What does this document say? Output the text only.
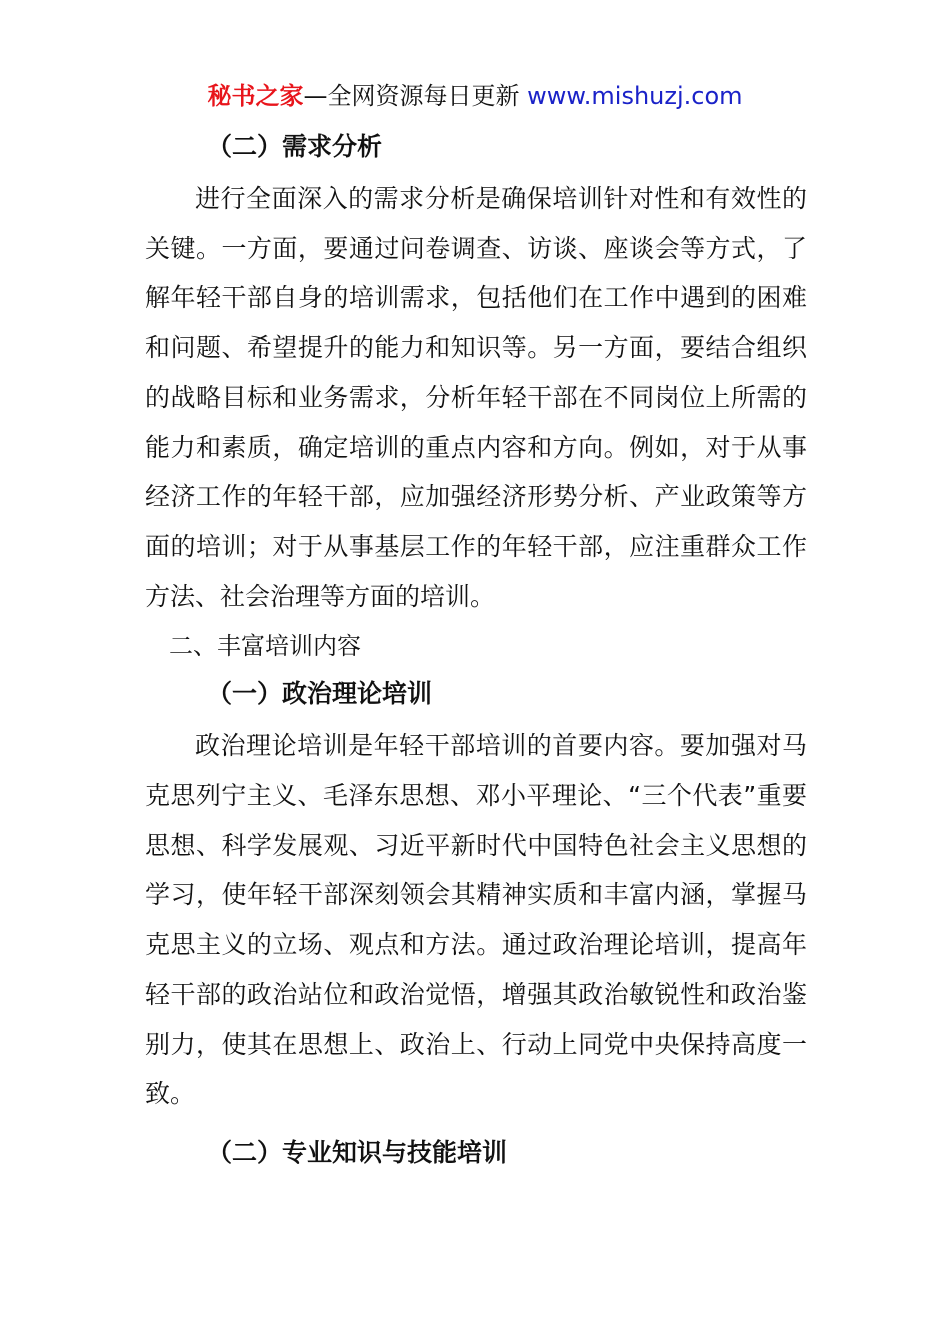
秘书之家—全网资源每日更新 www.mishuzj.com
（二）需求分析

进行全面深入的需求分析是确保培训针对性和有效性的关键。一方面，要通过问卷调查、访谈、座谈会等方式，了解年轻干部自身的培训需求，包括他们在工作中遇到的困难和问题、希望提升的能力和知识等。另一方面，要结合组织的战略目标和业务需求，分析年轻干部在不同岗位上所需的能力和素质，确定培训的重点内容和方向。例如，对于从事经济工作的年轻干部，应加强经济形势分析、产业政策等方面的培训；对于从事基层工作的年轻干部，应注重群众工作方法、社会治理等方面的培训。

二、丰富培训内容
（一）政治理论培训

政治理论培训是年轻干部培训的首要内容。要加强对马克思列宁主义、毛泽东思想、邓小平理论、“三个代表”重要思想、科学发展观、习近平新时代中国特色社会主义思想的学习，使年轻干部深刻领会其精神实质和丰富内涵，掌握马克思主义的立场、观点和方法。通过政治理论培训，提高年轻干部的政治站位和政治觉悟，增强其政治敏锐性和政治鉴别力，使其在思想上、政治上、行动上同党中央保持高度一致。

（二）专业知识与技能培训
